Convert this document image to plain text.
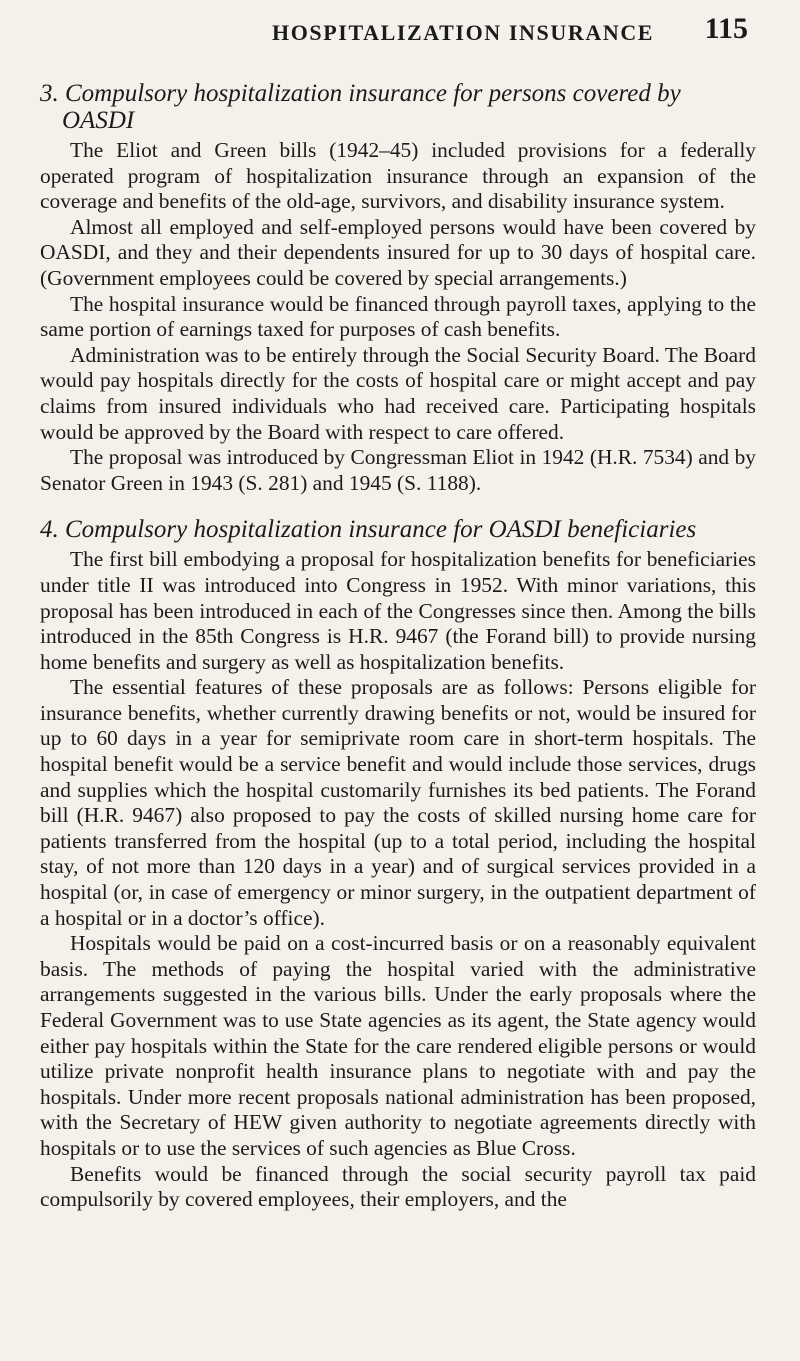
HOSPITALIZATION INSURANCE 115
3. Compulsory hospitalization insurance for persons covered by OASDI

The Eliot and Green bills (1942–45) included provisions for a federally operated program of hospitalization insurance through an expansion of the coverage and benefits of the old-age, survivors, and disability insurance system.

Almost all employed and self-employed persons would have been covered by OASDI, and they and their dependents insured for up to 30 days of hospital care. (Government employees could be covered by special arrangements.)

The hospital insurance would be financed through payroll taxes, applying to the same portion of earnings taxed for purposes of cash benefits.

Administration was to be entirely through the Social Security Board. The Board would pay hospitals directly for the costs of hospital care or might accept and pay claims from insured individuals who had received care. Participating hospitals would be approved by the Board with respect to care offered.

The proposal was introduced by Congressman Eliot in 1942 (H.R. 7534) and by Senator Green in 1943 (S. 281) and 1945 (S. 1188).

4. Compulsory hospitalization insurance for OASDI beneficiaries

The first bill embodying a proposal for hospitalization benefits for beneficiaries under title II was introduced into Congress in 1952. With minor variations, this proposal has been introduced in each of the Congresses since then. Among the bills introduced in the 85th Congress is H.R. 9467 (the Forand bill) to provide nursing home benefits and surgery as well as hospitalization benefits.

The essential features of these proposals are as follows: Persons eligible for insurance benefits, whether currently drawing benefits or not, would be insured for up to 60 days in a year for semiprivate room care in short-term hospitals. The hospital benefit would be a service benefit and would include those services, drugs and supplies which the hospital customarily furnishes its bed patients. The Forand bill (H.R. 9467) also proposed to pay the costs of skilled nursing home care for patients transferred from the hospital (up to a total period, including the hospital stay, of not more than 120 days in a year) and of surgical services provided in a hospital (or, in case of emergency or minor surgery, in the outpatient department of a hospital or in a doctor’s office).

Hospitals would be paid on a cost-incurred basis or on a reasonably equivalent basis. The methods of paying the hospital varied with the administrative arrangements suggested in the various bills. Under the early proposals where the Federal Government was to use State agencies as its agent, the State agency would either pay hospitals within the State for the care rendered eligible persons or would utilize private nonprofit health insurance plans to negotiate with and pay the hospitals. Under more recent proposals national administration has been proposed, with the Secretary of HEW given authority to negotiate agreements directly with hospitals or to use the services of such agencies as Blue Cross.

Benefits would be financed through the social security payroll tax paid compulsorily by covered employees, their employers, and the
